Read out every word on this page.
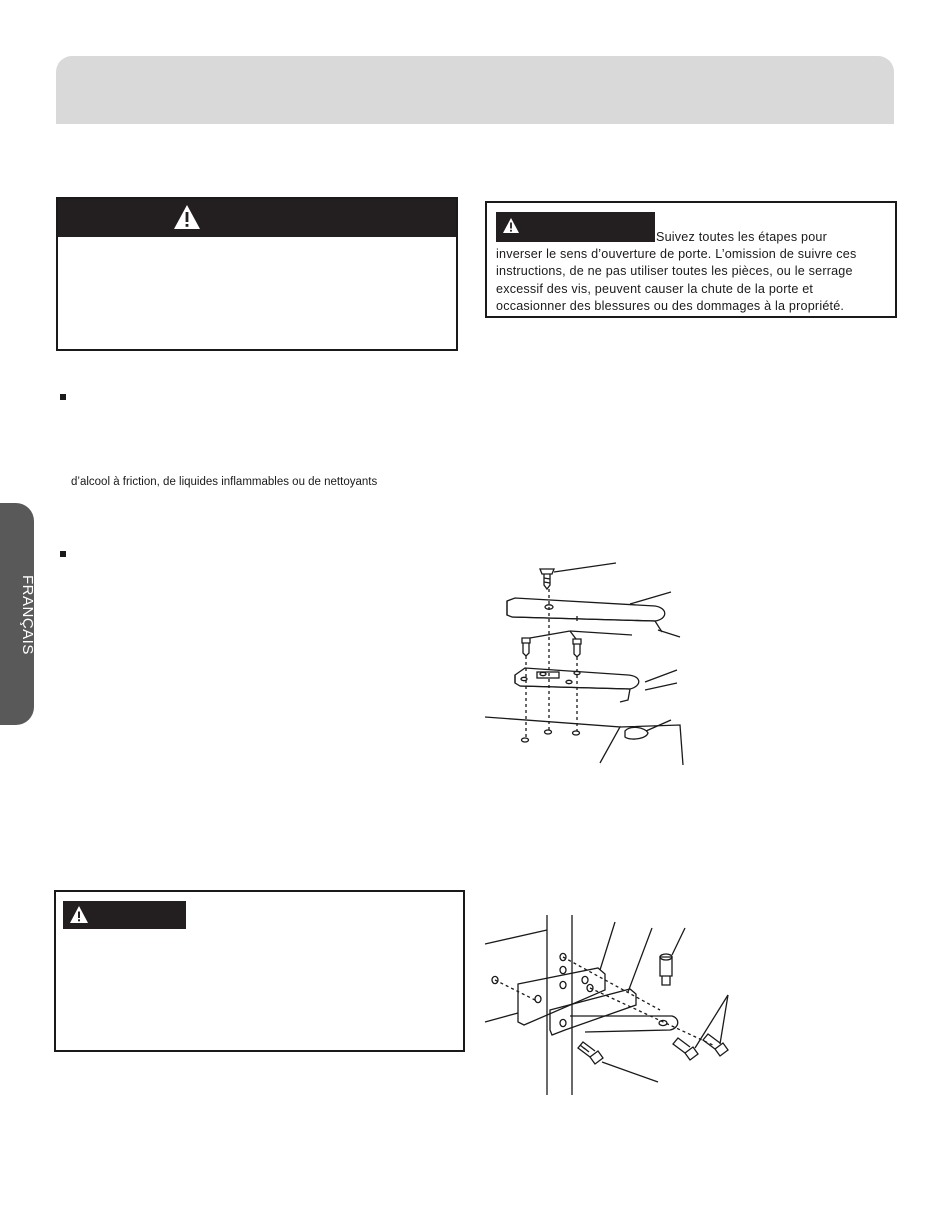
FRANÇAIS
d’alcool à friction, de liquides inflammables ou de nettoyants
Suivez toutes les étapes pour
inverser le sens d’ouverture de porte. L’omission de suivre ces
instructions, de ne pas utiliser toutes les pièces, ou le serrage
excessif des vis, peuvent causer la chute de la porte et
occasionner des blessures ou des dommages à la propriété.
